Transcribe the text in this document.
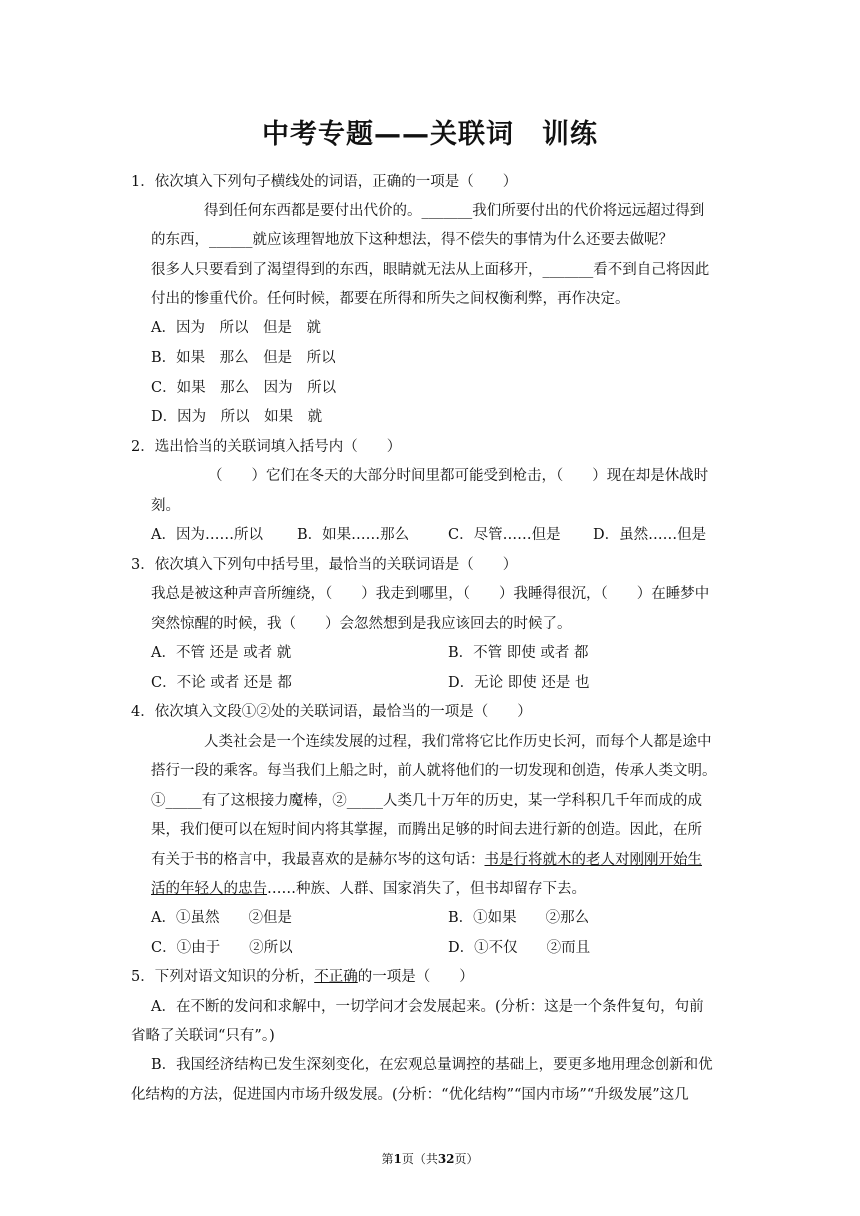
中考专题——关联词　训练
1．依次填入下列句子横线处的词语，正确的一项是（　　）
得到任何东西都是要付出代价的。_______我们所要付出的代价将远远超过得到
的东西，______就应该理智地放下这种想法，得不偿失的事情为什么还要去做呢？
很多人只要看到了渴望得到的东西，眼睛就无法从上面移开，_______看不到自己将因此
付出的惨重代价。任何时候，都要在所得和所失之间权衡利弊，再作决定。
A．因为　所以　但是　就
B．如果　那么　但是　所以
C．如果　那么　因为　所以
D．因为　所以　如果　就
2．选出恰当的关联词填入括号内（　　）
（　　）它们在冬天的大部分时间里都可能受到枪击，（　　）现在却是休战时
刻。
A．因为……所以 B．如果……那么	C．尽管……但是 D．虽然……但是
3．依次填入下列句中括号里，最恰当的关联词语是（　　）
我总是被这种声音所缠绕，（　　）我走到哪里，（　　）我睡得很沉，（　　）在睡梦中
突然惊醒的时候，我（　　）会忽然想到是我应该回去的时候了。
A．不管 还是 或者 就	B．不管 即使 或者 都
C．不论 或者 还是 都	D．无论 即使 还是 也
4．依次填入文段①②处的关联词语，最恰当的一项是（　　）
人类社会是一个连续发展的过程，我们常将它比作历史长河，而每个人都是途中
搭行一段的乘客。每当我们上船之时，前人就将他们的一切发现和创造，传承人类文明。
①_____有了这根接力魔棒，②_____人类几十万年的历史，某一学科积几千年而成的成
果，我们便可以在短时间内将其掌握，而腾出足够的时间去进行新的创造。因此，在所
有关于书的格言中，我最喜欢的是赫尔岑的这句话：书是行将就木的老人对刚刚开始生
活的年轻人的忠告……种族、人群、国家消失了，但书却留存下去。
A．①虽然　　②但是	B．①如果　　②那么
C．①由于　　②所以	D．①不仅　　②而且
5．下列对语文知识的分析，不正确的一项是（　　）
A．在不断的发问和求解中，一切学问才会发展起来。(分析：这是一个条件复句，句前
省略了关联词“只有”。)
B．我国经济结构已发生深刻变化，在宏观总量调控的基础上，要更多地用理念创新和优
化结构的方法，促进国内市场升级发展。(分析：“优化结构”“国内市场”“升级发展”这几
第1页（共32页）
